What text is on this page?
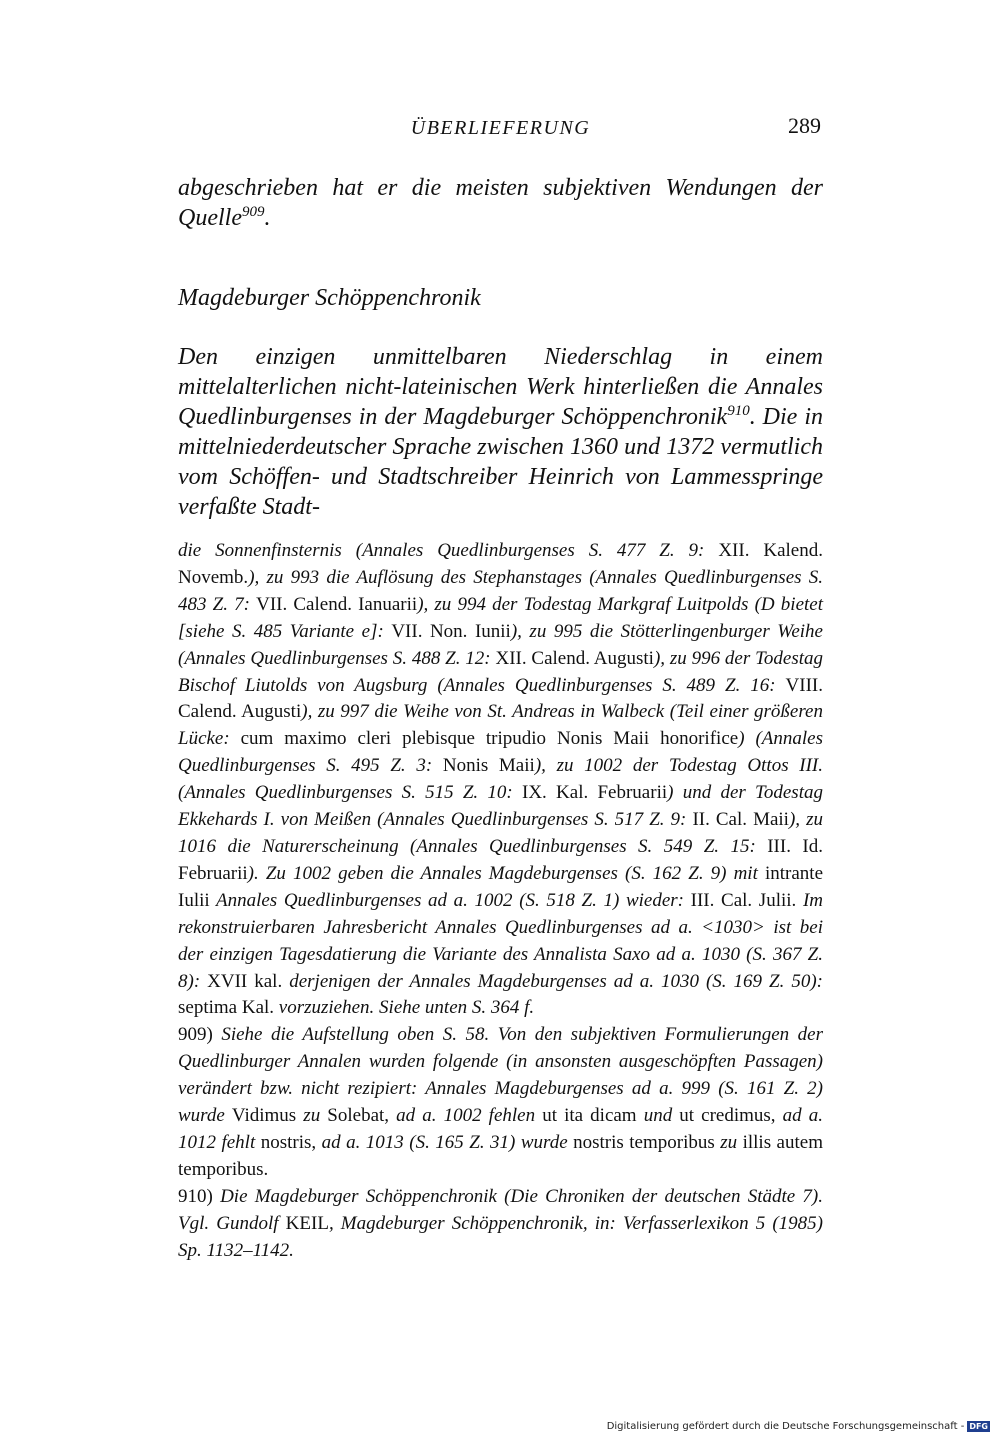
ÜBERLIEFERUNG	289

abgeschrieben hat er die meisten subjektiven Wendungen der Quelle$^{909}$.

Magdeburger Schöppenchronik

Den einzigen unmittelbaren Niederschlag in einem mittelalterlichen nicht-lateinischen Werk hinterließen die Annales Quedlinburgenses in der Magdeburger Schöppenchronik$^{910}$. Die in mittelniederdeutscher Sprache zwischen 1360 und 1372 vermutlich vom Schöffen- und Stadtschreiber Heinrich von Lammesspringe verfaßte Stadt-

die Sonnenfinsternis (Annales Quedlinburgenses S. 477 Z. 9: XII. Kalend. Novemb.), zu 993 die Auflösung des Stephanstages (Annales Quedlinburgenses S. 483 Z. 7: VII. Calend. Ianuarii), zu 994 der Todestag Markgraf Luitpolds (D bietet [siehe S. 485 Variante e]: VII. Non. Iunii), zu 995 die Stötterlingenburger Weihe (Annales Quedlinburgenses S. 488 Z. 12: XII. Calend. Augusti), zu 996 der Todestag Bischof Liutolds von Augsburg (Annales Quedlinburgenses S. 489 Z. 16: VIII. Calend. Augusti), zu 997 die Weihe von St. Andreas in Walbeck (Teil einer größeren Lücke: cum maximo cleri plebisque tripudio Nonis Maii honorifice) (Annales Quedlinburgenses S. 495 Z. 3: Nonis Maii), zu 1002 der Todestag Ottos III. (Annales Quedlinburgenses S. 515 Z. 10: IX. Kal. Februarii) und der Todestag Ekkehards I. von Meißen (Annales Quedlinburgenses S. 517 Z. 9: II. Cal. Maii), zu 1016 die Naturerscheinung (Annales Quedlinburgenses S. 549 Z. 15: III. Id. Februarii). Zu 1002 geben die Annales Magdeburgenses (S. 162 Z. 9) mit intrante Iulii Annales Quedlinburgenses ad a. 1002 (S. 518 Z. 1) wieder: III. Cal. Julii. Im rekonstruierbaren Jahresbericht Annales Quedlinburgenses ad a. <1030> ist bei der einzigen Tagesdatierung die Variante des Annalista Saxo ad a. 1030 (S. 367 Z. 8): XVII kal. derjenigen der Annales Magdeburgenses ad a. 1030 (S. 169 Z. 50): septima Kal. vorzuziehen. Siehe unten S. 364 f.

909) Siehe die Aufstellung oben S. 58. Von den subjektiven Formulierungen der Quedlinburger Annalen wurden folgende (in ansonsten ausgeschöpften Passagen) verändert bzw. nicht rezipiert: Annales Magdeburgenses ad a. 999 (S. 161 Z. 2) wurde Vidimus zu Solebat, ad a. 1002 fehlen ut ita dicam und ut credimus, ad a. 1012 fehlt nostris, ad a. 1013 (S. 165 Z. 31) wurde nostris temporibus zu illis autem temporibus.

910) Die Magdeburger Schöppenchronik (Die Chroniken der deutschen Städte 7). Vgl. Gundolf KEIL, Magdeburger Schöppenchronik, in: Verfasserlexikon 5 (1985) Sp. 1132–1142.

Digitalisierung gefördert durch die Deutsche Forschungsgemeinschaft - DFG
